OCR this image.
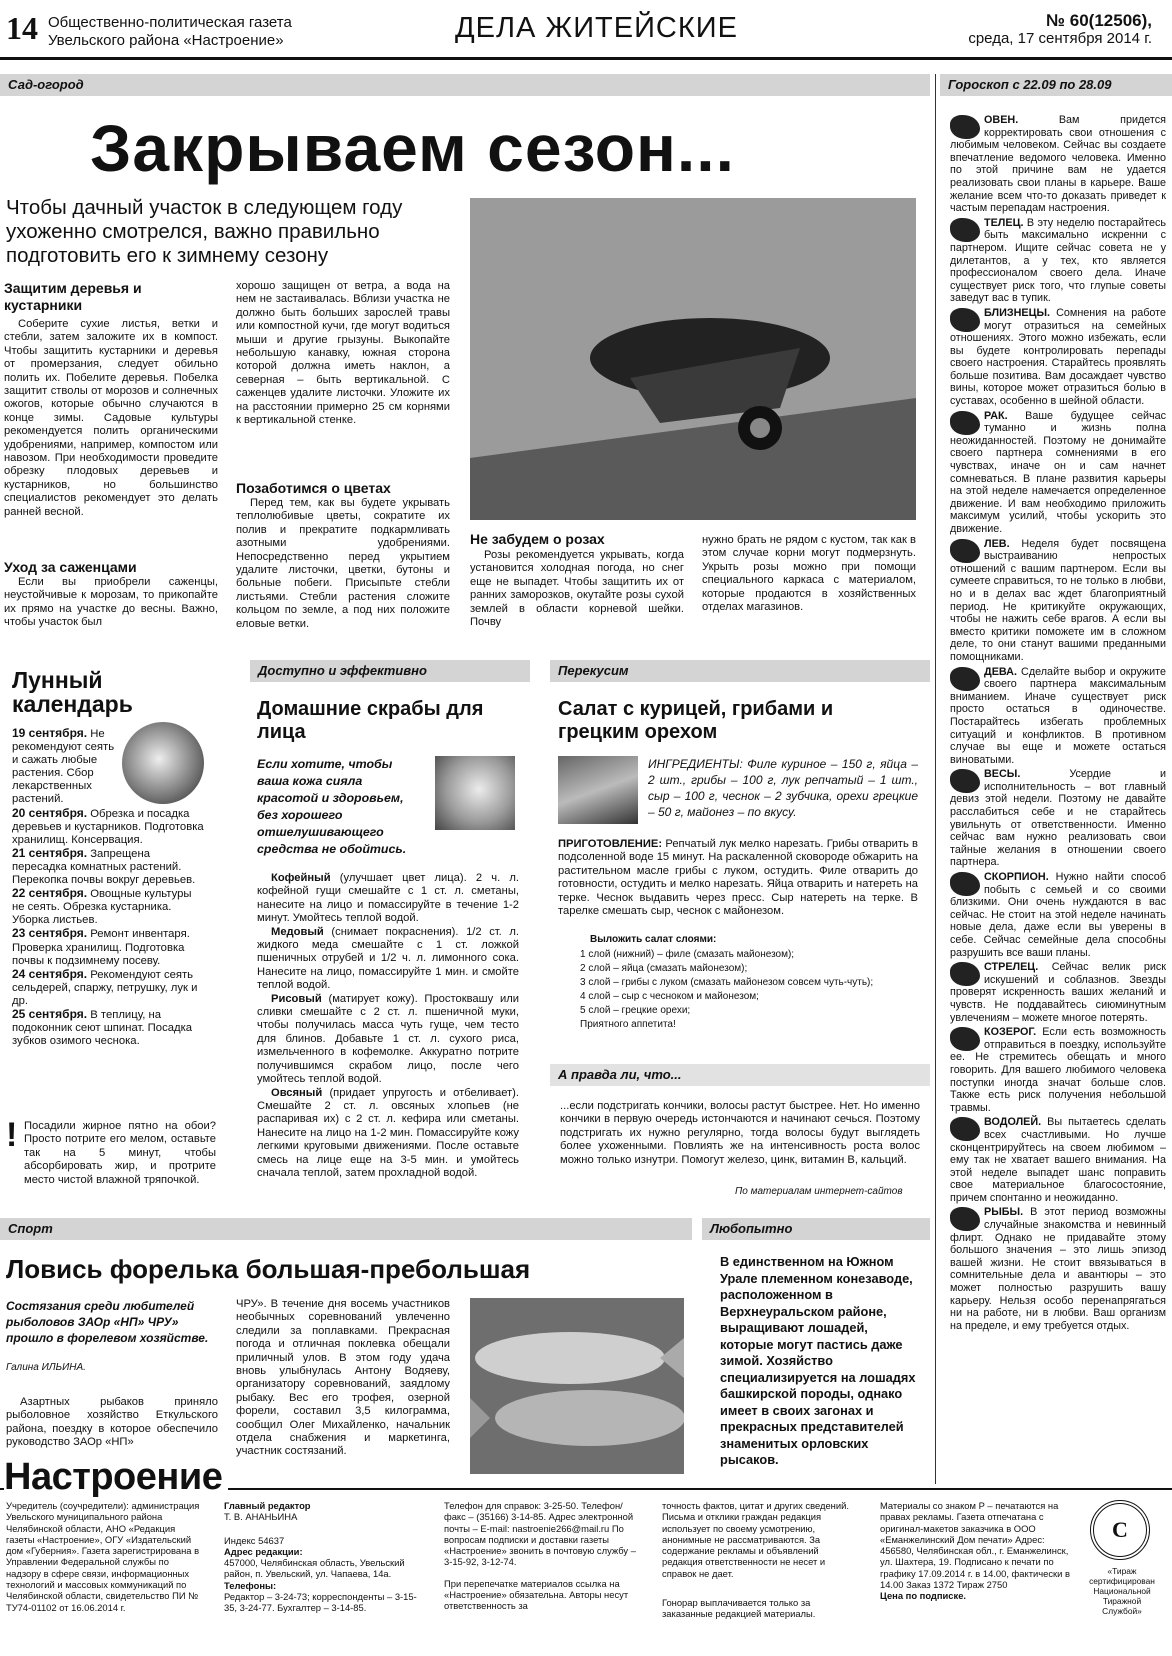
14 Общественно-политическая газета
Увельского района «Настроение»	ДЕЛА ЖИТЕЙСКИЕ	№ 60(12506),
среда, 17 сентября 2014 г.
Сад-огород	Гороскоп с 22.09 по 28.09
Закрываем сезон...
Чтобы дачный участок в следующем году ухоженно смотрелся, важно правильно подготовить его к зимнему сезону
Защитим деревья и кустарники
Соберите сухие листья, ветки и стебли, затем заложите их в компост. Чтобы защитить кустарники и деревья от промерзания, следует обильно полить их. Побелите деревья. Побелка защитит стволы от морозов и солнечных ожогов, которые обычно случаются в конце зимы. Садовые культуры рекомендуется полить органическими удобрениями, например, компостом или навозом. При необходимости проведите обрезку плодовых деревьев и кустарников, но большинство специалистов рекомендует это делать ранней весной.
Уход за саженцами
Если вы приобрели саженцы, неустойчивые к морозам, то прикопайте их прямо на участке до весны. Важно, чтобы участок был
хорошо защищен от ветра, а вода на нем не застаивалась. Вблизи участка не должно быть больших зарослей травы или компостной кучи, где могут водиться мыши и другие грызуны. Выкопайте небольшую канавку, южная сторона которой должна иметь наклон, а северная – быть вертикальной. С саженцев удалите листочки. Уложите их на расстоянии примерно 25 см корнями к вертикальной стенке.
Позаботимся о цветах
Перед тем, как вы будете укрывать теплолюбивые цветы, сократите их полив и прекратите подкармливать азотными удобрениями. Непосредственно перед укрытием удалите листочки, цветки, бутоны и больные побеги. Присыпьте стебли листьями. Стебли растения сложите кольцом по земле, а под них положите еловые ветки.
Не забудем о розах
Розы рекомендуется укрывать, когда установится холодная погода, но снег еще не выпадет. Чтобы защитить их от ранних заморозков, окутайте розы сухой землей в области корневой шейки. Почву
нужно брать не рядом с кустом, так как в этом случае корни могут подмерзнуть. Укрыть розы можно при помощи специального каркаса с материалом, которые продаются в хозяйственных отделах магазинов.
Лунный календарь

19 сентября. Не рекомендуют сеять и сажать любые растения. Сбор лекарственных растений.

20 сентября. Обрезка и посадка деревьев и кустарников. Подготовка хранилищ. Консервация.

21 сентября. Запрещена пересадка комнатных растений. Перекопка почвы вокруг деревьев.

22 сентября. Овощные культуры не сеять. Обрезка кустарника. Уборка листьев.

23 сентября. Ремонт инвентаря. Проверка хранилищ. Подготовка почвы к подзимнему посеву.

24 сентября. Рекомендуют сеять сельдерей, спаржу, петрушку, лук и др.

25 сентября. В теплицу, на подоконник сеют шпинат. Посадка зубков озимого чеснока.

! Посадили жирное пятно на обои? Просто потрите его мелом, оставьте так на 5 минут, чтобы абсорбировать жир, и протрите место чистой влажной тряпочкой.
Доступно и эффективно
Домашние скрабы для лица
Если хотите, чтобы ваша кожа сияла красотой и здоровьем, без хорошего отшелушивающего средства не обойтись.

Кофейный (улучшает цвет лица). 2 ч. л. кофейной гущи смешайте с 1 ст. л. сметаны, нанесите на лицо и помассируйте в течение 1-2 минут. Умойтесь теплой водой.

Медовый (снимает покраснения). 1/2 ст. л. жидкого меда смешайте с 1 ст. ложкой пшеничных отрубей и 1/2 ч. л. лимонного сока. Нанесите на лицо, помассируйте 1 мин. и смойте теплой водой.

Рисовый (матирует кожу). Простоквашу или сливки смешайте с 2 ст. л. пшеничной муки, чтобы получилась масса чуть гуще, чем тесто для блинов. Добавьте 1 ст. л. сухого риса, измельченного в кофемолке. Аккуратно потрите получившимся скрабом лицо, после чего умойтесь теплой водой.

Овсяный (придает упругость и отбеливает). Смешайте 2 ст. л. овсяных хлопьев (не распаривая их) с 2 ст. л. кефира или сметаны. Нанесите на лицо на 1-2 мин. Помассируйте кожу легкими круговыми движениями. После оставьте смесь на лице еще на 3-5 мин. и умойтесь сначала теплой, затем прохладной водой.

Перекусим
Салат с курицей, грибами и грецким орехом
ИНГРЕДИЕНТЫ: Филе куриное – 150 г, яйца – 2 шт., грибы – 100 г, лук репчатый – 1 шт., сыр – 100 г, чеснок – 2 зубчика, орехи грецкие – 50 г, майонез – по вкусу.
ПРИГОТОВЛЕНИЕ: Репчатый лук мелко нарезать. Грибы отварить в подсоленной воде 15 минут. На раскаленной сковороде обжарить на растительном масле грибы с луком, остудить. Филе отварить до готовности, остудить и мелко нарезать. Яйца отварить и натереть на терке. Чеснок выдавить через пресс. Сыр натереть на терке. В тарелке смешать сыр, чеснок с майонезом.
Выложить салат слоями:
1 слой (нижний) – филе (смазать майонезом);
2 слой – яйца (смазать майонезом);
3 слой – грибы с луком (смазать майонезом совсем чуть-чуть);
4 слой – сыр с чесноком и майонезом;
5 слой – грецкие орехи;
Приятного аппетита!
А правда ли, что...
...если подстригать кончики, волосы растут быстрее. Нет. Но именно кончики в первую очередь истончаются и начинают сечься. Поэтому подстригать их нужно регулярно, тогда волосы будут выглядеть более ухоженными. Повлиять же на интенсивность роста волос можно только изнутри. Помогут железо, цинк, витамин B, кальций.
По материалам интернет-сайтов
Спорт
Ловись форелька большая-пребольшая
Состязания среди любителей рыболовов ЗАОр «НП» ЧРУ» прошло в форелевом хозяйстве.
Галина ИЛЬИНА.
Азартных рыбаков приняло рыболовное хозяйство Еткульского района, поездку в которое обеспечило руководство ЗАОр «НП»
ЧРУ». В течение дня восемь участников необычных соревнований увлеченно следили за поплавками. Прекрасная погода и отличная поклевка обещали приличный улов. В этом году удача вновь улыбнулась Антону Водяеву, организатору соревнований, заядлому рыбаку. Вес его трофея, озерной форели, составил 3,5 килограмма, сообщил Олег Михайленко, начальник отдела снабжения и маркетинга, участник состязаний.
Любопытно
В единственном на Южном Урале племенном конезаводе, расположенном в Верхнеуральском районе, выращивают лошадей, которые могут пастись даже зимой. Хозяйство специализируется на лошадях башкирской породы, однако имеет в своих загонах и прекрасных представителей знаменитых орловских рысаков.

ОВЕН.	Вам придется корректировать свои отношения с любимым человеком. Сейчас вы создаете впечатление ведомого человека. Именно по этой причине вам не удается реализовать свои планы в карьере. Ваше желание всем что-то доказать приведет к частым перепадам настроения.

ТЕЛЕЦ. В эту неделю постарайтесь быть максимально искренни с партнером. Ищите сейчас совета не у дилетантов, а у тех, кто является профессионалом своего дела. Иначе существует риск того, что глупые советы заведут вас в тупик.

БЛИЗНЕЦЫ. Сомнения на работе могут отразиться на семейных отношениях. Этого можно избежать, если вы будете контролировать перепады своего настроения. Старайтесь проявлять больше позитива. Вам досаждает чувство вины, которое может отразиться болью в суставах, особенно в шейной области.

РАК. Ваше будущее сейчас туманно и жизнь полна неожиданностей. Поэтому не донимайте своего партнера сомнениями в его чувствах, иначе он и сам начнет сомневаться. В плане развития карьеры на этой неделе намечается определенное движение. И вам необходимо приложить максимум усилий, чтобы ускорить это движение.

ЛЕВ. Неделя будет посвящена выстраиванию непростых отношений с вашим партнером. Если вы сумеете справиться, то не только в любви, но и в делах вас ждет благоприятный период. Не критикуйте окружающих, чтобы не нажить себе врагов. А если вы вместо критики поможете им в сложном деле, то они станут вашими преданными помощниками.

ДЕВА. Сделайте выбор и окружите своего партнера максимальным вниманием. Иначе существует риск просто остаться в одиночестве. Постарайтесь избегать проблемных ситуаций и конфликтов. В противном случае вы еще и можете остаться виноватыми.

ВЕСЫ.	Усердие и исполнительность – вот главный девиз этой недели. Поэтому не давайте расслабиться себе и не старайтесь увильнуть от ответственности. Именно сейчас вам нужно реализовать свои тайные желания в отношении своего партнера.

СКОРПИОН. Нужно найти способ побыть с семьей и со своими близкими. Они очень нуждаются в вас сейчас. Не стоит на этой неделе начинать новые дела, даже если вы уверены в себе. Сейчас семейные дела способны разрушить все ваши планы.

СТРЕЛЕЦ. Сейчас велик риск искушений и соблазнов. Звезды проверят искренность ваших желаний и чувств. Не поддавайтесь сиюминутным увлечениям – можете многое потерять.

КОЗЕРОГ. Если есть возможность отправиться в поездку, используйте ее. Не стремитесь обещать и много говорить. Для вашего любимого человека поступки иногда значат больше слов. Также есть риск получения небольшой травмы.

ВОДОЛЕЙ. Вы пытаетесь сделать всех счастливыми. Но лучше сконцентрируйтесь на своем любимом – ему так не хватает вашего внимания. На этой неделе выпадет шанс поправить свое материальное благосостояние, причем спонтанно и неожиданно.

РЫБЫ. В этот период возможны случайные знакомства и невинный флирт. Однако не придавайте этому большого значения – это лишь эпизод вашей жизни. Не стоит ввязываться в сомнительные дела и авантюры – это может полностью разрушить вашу карьеру. Нельзя особо перенапрягаться ни на работе, ни в любви. Ваш организм на пределе, и ему требуется отдых.

Настроение
Учредитель (соучредители): администрация Увельского муниципального района Челябинской области, АНО «Редакция газеты «Настроение», ОГУ «Издательский дом «Губерния». Газета зарегистрирована в Управлении Федеральной службы по надзору в сфере связи, информационных технологий и массовых коммуникаций по Челябинской области, свидетельство ПИ № ТУ74-01102 от 16.06.2014 г.
Главный редактор
Т. В. АНАНЬИНА
Индекс 54637
Адрес редакции:
457000, Челябинская область, Увельский район, п. Увельский, ул. Чапаева, 14а.
Телефоны:
Редактор – 3-24-73; корреспонденты – 3-15-35, 3-24-77. Бухгалтер – 3-14-85.
Телефон для справок: 3-25-50. Телефон/факс – (35166) 3-14-85. Адрес электронной почты – E-mail: nastroenie266@mail.ru По вопросам подписки и доставки газеты «Настроение» звонить в почтовую службу – 3-15-92, 3-12-74.
При перепечатке материалов ссылка на «Настроение» обязательна. Авторы несут ответственность за
точность фактов, цитат и других сведений. Письма и отклики граждан редакция использует по своему усмотрению, анонимные не рассматриваются. За содержание рекламы и объявлений редакция ответственности не несет и справок не дает.
Гонорар выплачивается только за заказанные редакцией материалы.
Материалы со знаком Р – печатаются на правах рекламы. Газета отпечатана с оригинал-макетов заказчика в ООО «Еманжелинский Дом печати» Адрес: 456580, Челябинская обл., г. Еманжелинск, ул. Шахтера, 19. Подписано к печати по графику 17.09.2014 г. в 14.00, фактически в 14.00 Заказ 1372 Тираж 2750
Цена по подписке.
С
«Тираж сертифицирован Национальной Тиражной Службой»
